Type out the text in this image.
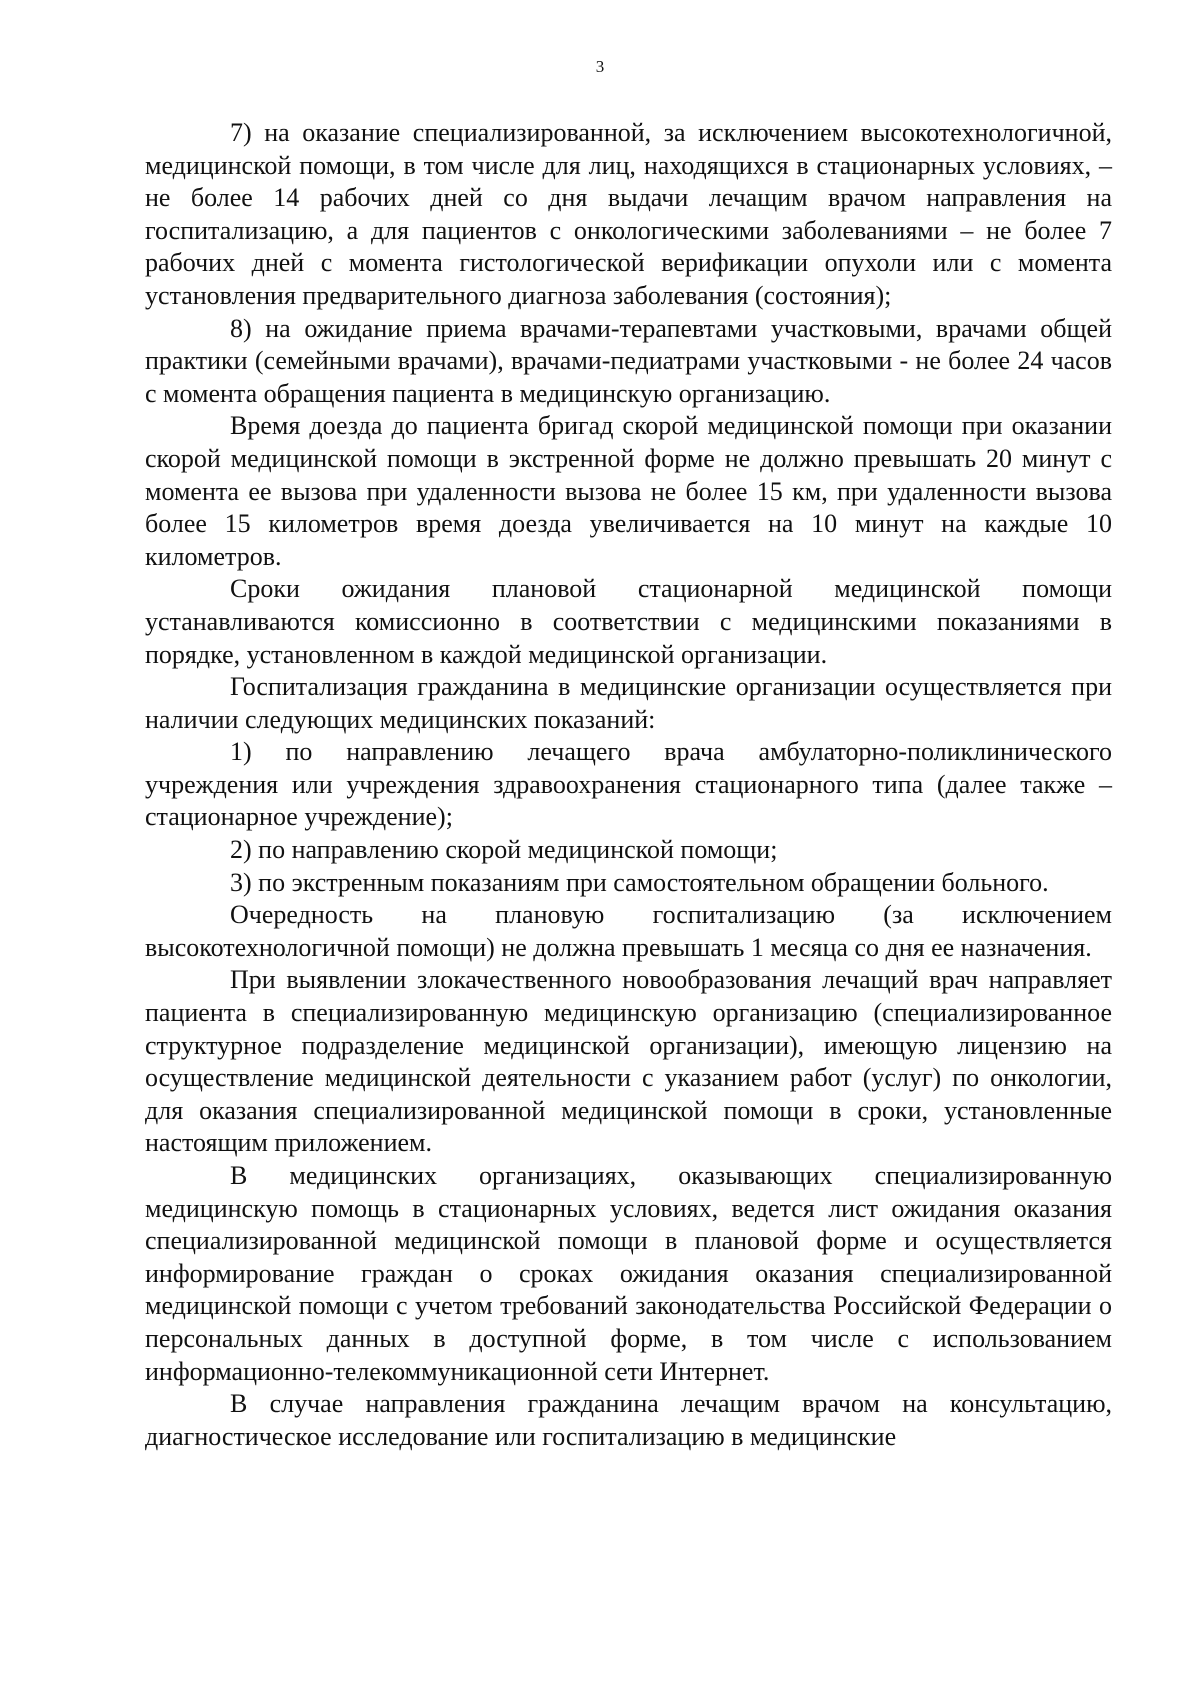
3

7) на оказание специализированной, за исключением высокотехнологичной, медицинской помощи, в том числе для лиц, находящихся в стационарных условиях, – не более 14 рабочих дней со дня выдачи лечащим врачом направления на госпитализацию, а для пациентов с онкологическими заболеваниями – не более 7 рабочих дней с момента гистологической верификации опухоли или с момента установления предварительного диагноза заболевания (состояния);

8) на ожидание приема врачами-терапевтами участковыми, врачами общей практики (семейными врачами), врачами-педиатрами участковыми - не более 24 часов с момента обращения пациента в медицинскую организацию.

Время доезда до пациента бригад скорой медицинской помощи при оказании скорой медицинской помощи в экстренной форме не должно превышать 20 минут с момента ее вызова при удаленности вызова не более 15 км, при удаленности вызова более 15 километров время доезда увеличивается на 10 минут на каждые 10 километров.

Сроки ожидания плановой стационарной медицинской помощи устанавливаются комиссионно в соответствии с медицинскими показаниями в порядке, установленном в каждой медицинской организации.

Госпитализация гражданина в медицинские организации осуществляется при наличии следующих медицинских показаний:

1) по направлению лечащего врача амбулаторно-поликлинического учреждения или учреждения здравоохранения стационарного типа (далее также – стационарное учреждение);

2) по направлению скорой медицинской помощи;

3) по экстренным показаниям при самостоятельном обращении больного.

Очередность на плановую госпитализацию (за исключением высокотехнологичной помощи) не должна превышать 1 месяца со дня ее назначения.

При выявлении злокачественного новообразования лечащий врач направляет пациента в специализированную медицинскую организацию (специализированное структурное подразделение медицинской организации), имеющую лицензию на осуществление медицинской деятельности с указанием работ (услуг) по онкологии, для оказания специализированной медицинской помощи в сроки, установленные настоящим приложением.

В медицинских организациях, оказывающих специализированную медицинскую помощь в стационарных условиях, ведется лист ожидания оказания специализированной медицинской помощи в плановой форме и осуществляется информирование граждан о сроках ожидания оказания специализированной медицинской помощи с учетом требований законодательства Российской Федерации о персональных данных в доступной форме, в том числе с использованием информационно-телекоммуникационной сети Интернет.

В случае направления гражданина лечащим врачом на консультацию, диагностическое исследование или госпитализацию в медицинские
